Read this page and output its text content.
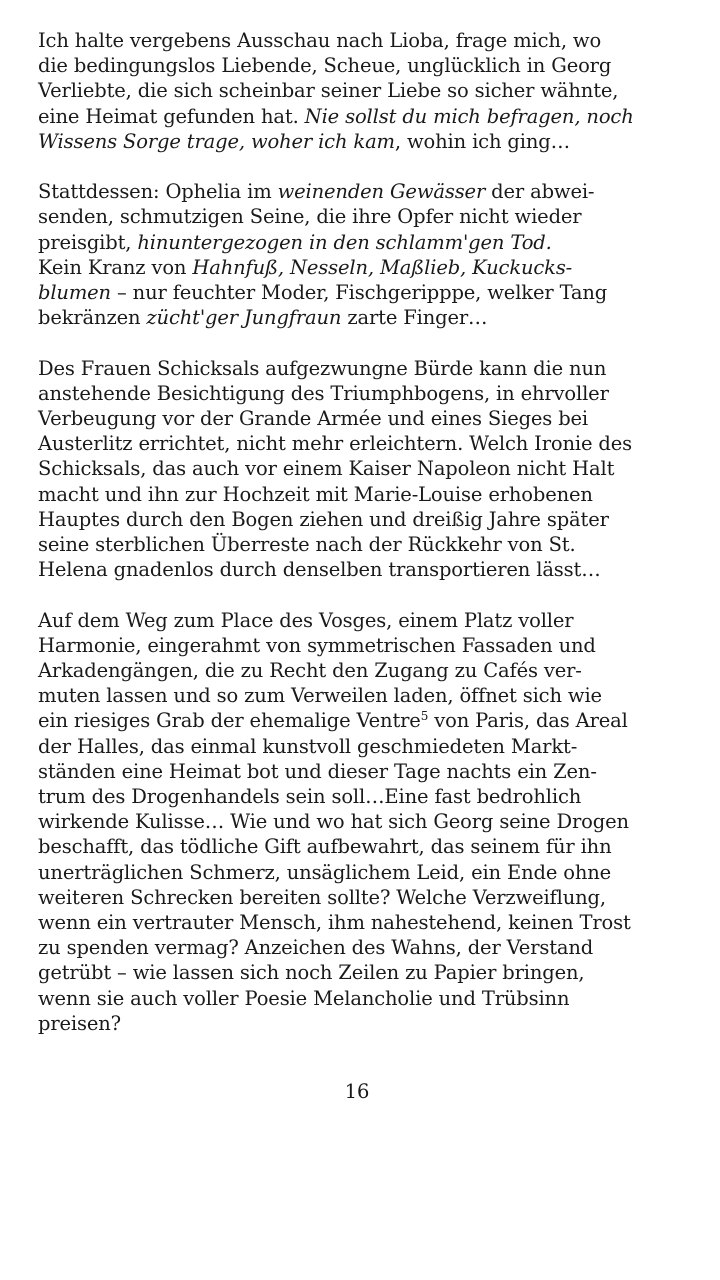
Ich halte vergebens Ausschau nach Lioba, frage mich, wo
die bedingungslos Liebende, Scheue, unglücklich in Georg
Verliebte, die sich scheinbar seiner Liebe so sicher wähnte,
eine Heimat gefunden hat. Nie sollst du mich befragen, noch
Wissens Sorge trage, woher ich kam, wohin ich ging…
Stattdessen: Ophelia im weinenden Gewässer der abwei-
senden, schmutzigen Seine, die ihre Opfer nicht wieder
preisgibt, hinuntergezogen in den schlamm'gen Tod.
Kein Kranz von Hahnfuß, Nesseln, Maßlieb, Kuckucks-
blumen – nur feuchter Moder, Fischgeripppe, welker Tang
bekränzen zücht'ger Jungfraun zarte Finger…
Des Frauen Schicksals aufgezwungne Bürde kann die nun
anstehende Besichtigung des Triumphbogens, in ehrvoller
Verbeugung vor der Grande Armée und eines Sieges bei
Austerlitz errichtet, nicht mehr erleichtern. Welch Ironie des
Schicksals, das auch vor einem Kaiser Napoleon nicht Halt
macht und ihn zur Hochzeit mit Marie-Louise erhobenen
Hauptes durch den Bogen ziehen und dreißig Jahre später
seine sterblichen Überreste nach der Rückkehr von St.
Helena gnadenlos durch denselben transportieren lässt…
Auf dem Weg zum Place des Vosges, einem Platz voller
Harmonie, eingerahmt von symmetrischen Fassaden und
Arkadengängen, die zu Recht den Zugang zu Cafés ver-
muten lassen und so zum Verweilen laden, öffnet sich wie
ein riesiges Grab der ehemalige Ventre$^5$ von Paris, das Areal
der Halles, das einmal kunstvoll geschmiedeten Markt-
ständen eine Heimat bot und dieser Tage nachts ein Zen-
trum des Drogenhandels sein soll…Eine fast bedrohlich
wirkende Kulisse… Wie und wo hat sich Georg seine Drogen
beschafft, das tödliche Gift aufbewahrt, das seinem für ihn
unerträglichen Schmerz, unsäglichem Leid, ein Ende ohne
weiteren Schrecken bereiten sollte? Welche Verzweiflung,
wenn ein vertrauter Mensch, ihm nahestehend, keinen Trost
zu spenden vermag? Anzeichen des Wahns, der Verstand
getrübt – wie lassen sich noch Zeilen zu Papier bringen,
wenn sie auch voller Poesie Melancholie und Trübsinn
preisen?
16
